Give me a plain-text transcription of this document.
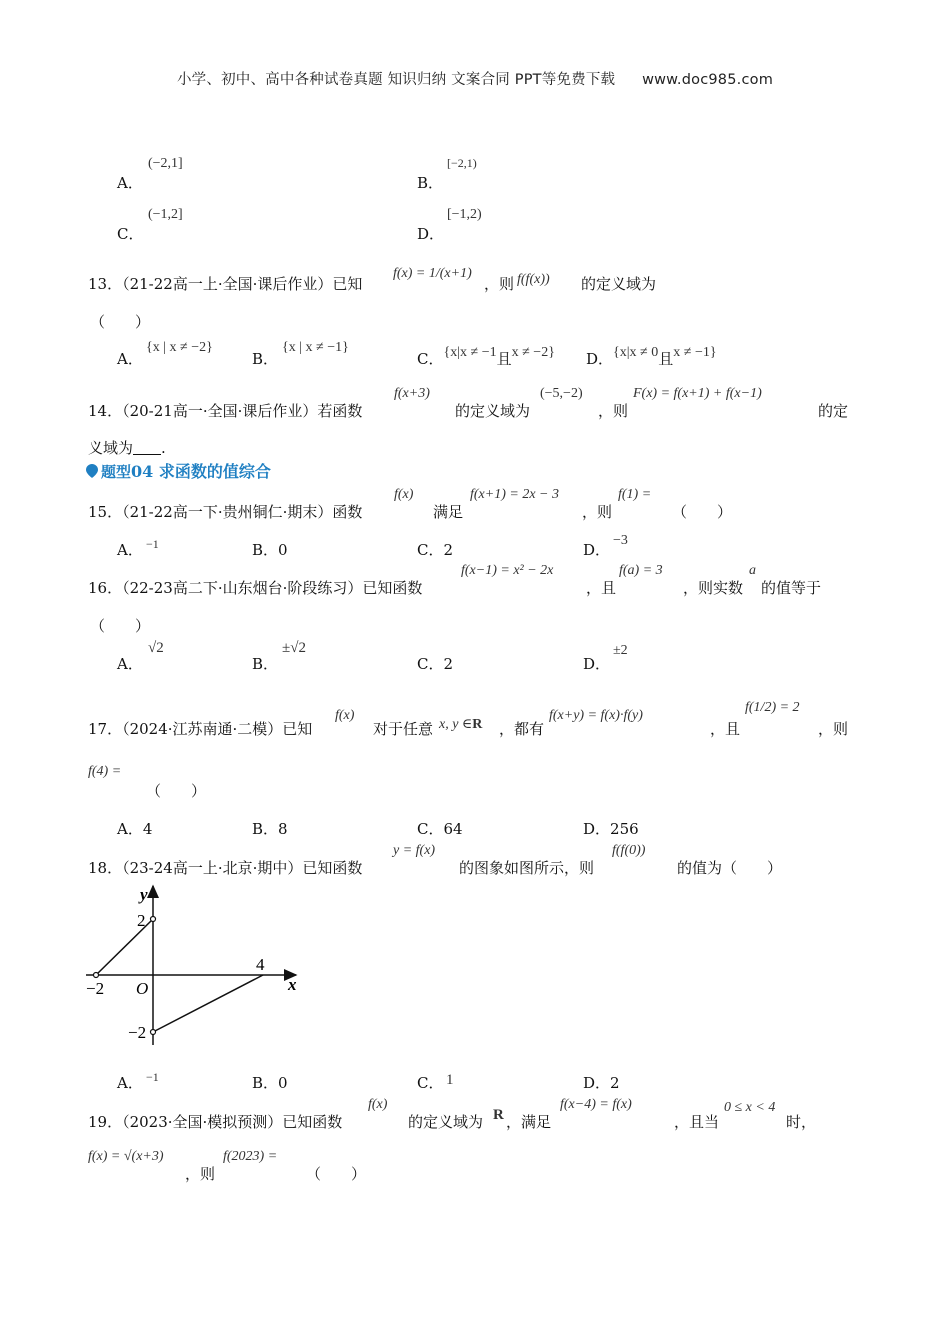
小学、初中、高中各种试卷真题 知识归纳 文案合同 PPT等免费下载 www.doc985.com
A．
(−2,1]
B．
[−2,1)
C．
(−1,2]
D．
[−1,2)
13．（21-22高一上·全国·课后作业）已知
f(x) = 1/(x+1)
，则 f(f(x)) 的定义域为
（　　）
A．
{x | x ≠ −2}
B．
{x | x ≠ −1}
C．{x|x ≠ −1且x ≠ −2} D．{x|x ≠ 0且x ≠ −1}
14．（20-21高一·全国·课后作业）若函数
f(x+3)
的定义域为
(−5,−2)
，则
F(x) = f(x+1) + f(x−1)
的定
义域为 .
题型04 求函数的值综合
15．（21-22高一下·贵州铜仁·期末）函数
f(x)
满足
f(x+1) = 2x − 3
，则
f(1) =
（　　）
A． −1	B．0	C．2	D．
−3
16．（22-23高二下·山东烟台·阶段练习）已知函数
f(x−1) = x² − 2x
，且
f(a) = 3
，则实数
a
的值等于
（　　）
A．
√2
B．
±√2
C．2	D．
±2
17．（2024·江苏南通·二模）已知
f(x)
对于任意 x, y ∈R ，都有
f(x+y) = f(x)·f(y)
，且
f(1/2) = 2
，则
f(4) =
（　　）
A．4	B．8	C．64	D．256
18．（23-24高一上·北京·期中）已知函数
y = f(x)
的图象如图所示，则
f(f(0))
的值为（　　）
y
x
O
2
−2
−2
4
A． −1	B．0	C． 1	D．2
19．（2023·全国·模拟预测）已知函数
f(x)
的定义域为 R ，满足
f(x−4) = f(x)
，且当
0 ≤ x < 4
时，
f(x) = √(x+3)
，则
f(2023) =
（　　）
